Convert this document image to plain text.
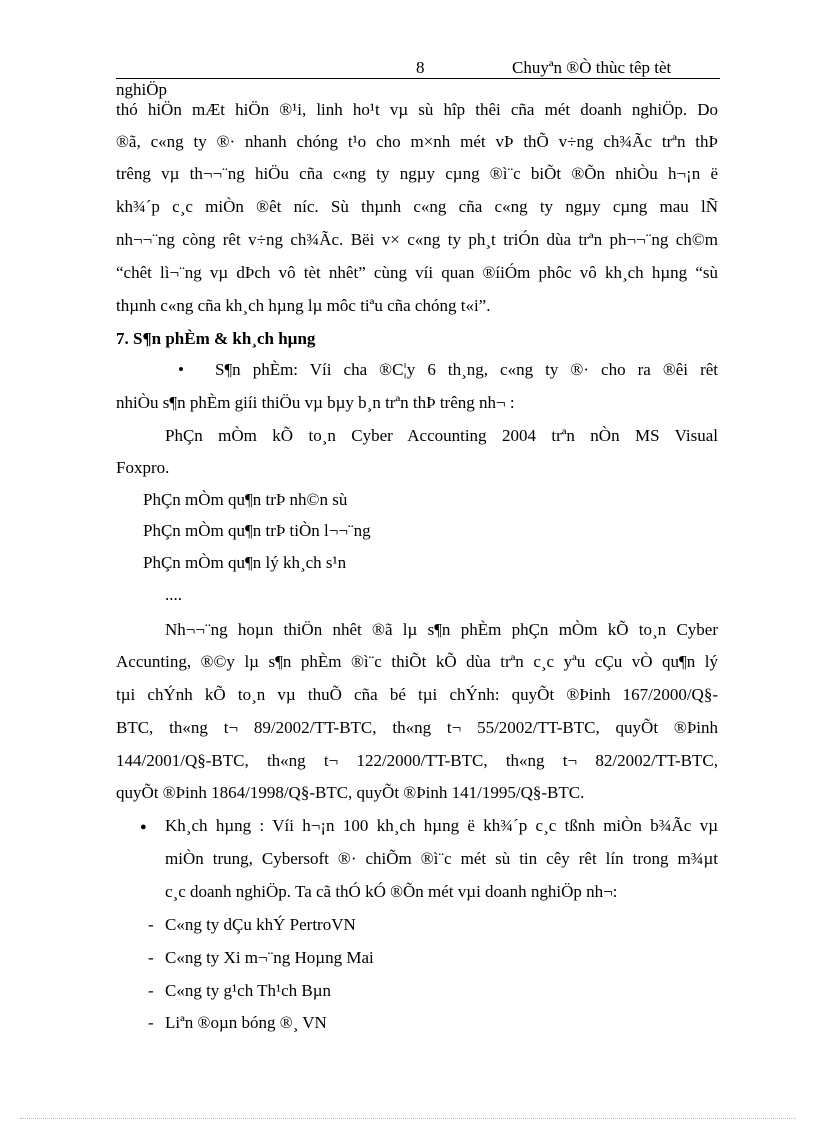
8	Chuyªn ®Ò thùc têp tèt
nghiÖp
thó hiÖn mÆt hiÖn ®¹i, linh ho¹t vµ sù hîp thêi cña mét doanh nghiÖp. Do
®ã, c«ng ty ®· nhanh chóng t¹o cho m×nh mét vÞ thÕ v÷ng ch¾Ãc trªn thÞ
trêng vµ th¬¬¨ng hiÖu cña c«ng ty ngµy cµng ®ì¨c biÕt ®Õn nhiÒu h¬¡n ë
kh¾´p c¸c miÒn ®êt níc. Sù thµnh c«ng cña c«ng ty ngµy cµng mau lÑ
nh¬¬¨ng còng rêt v÷ng ch¾Ãc. Bëi v× c«ng ty ph¸t triÓn dùa trªn ph¬¬¨ng ch©m
“chêt lì¬¨ng vµ dÞch vô tèt nhêt” cùng víi quan ®íiÓm phôc vô kh¸ch hµng “sù
thµnh c«ng cña kh¸ch hµng lµ môc tiªu cña chóng t«i”.
7. S¶n phÈm & kh¸ch hµng
• S¶n phÈm: Víi cha ®C¦y 6 th¸ng, c«ng ty ®· cho ra ®êi rêt
nhiÒu s¶n phÈm giíi thiÖu vµ bµy b¸n trªn thÞ trêng nh¬ :
PhÇn mÒm kÕ to¸n Cyber Accounting 2004 trªn nÒn MS Visual
Foxpro.
PhÇn mÒm qu¶n trÞ nh©n sù
PhÇn mÒm qu¶n trÞ tiÒn l¬¬¨ng
PhÇn mÒm qu¶n lý kh¸ch s¹n
....
Nh¬¬¨ng hoµn thiÖn nhêt ®ã lµ s¶n phÈm phÇn mÒm kÕ to¸n Cyber
Accunting, ®©y lµ s¶n phÈm ®ì¨c thiÕt kÕ dùa trªn c¸c yªu cÇu vÒ qu¶n lý
tµi chÝnh kÕ to¸n vµ thuÕ cña bé tµi chÝnh: quyÕt ®Þinh 167/2000/Q§-
BTC, th«ng t¬ 89/2002/TT-BTC, th«ng t¬ 55/2002/TT-BTC, quyÕt ®Þinh
144/2001/Q§-BTC, th«ng t¬ 122/2000/TT-BTC, th«ng t¬ 82/2002/TT-BTC,
quyÕt ®Þinh 1864/1998/Q§-BTC, quyÕt ®Þinh 141/1995/Q§-BTC.
● Kh¸ch hµng : Víi h¬¡n 100 kh¸ch hµng ë kh¾´p c¸c tßnh miÒn b¾Ãc vµ
miÒn trung, Cybersoft ®· chiÕm ®ì¨c mét sù tin cêy rêt lín trong m¾µt
c¸c doanh nghiÖp. Ta cã thÓ kÓ ®Õn mét vµi doanh nghiÖp nh¬:
- C«ng ty dÇu khÝ PertroVN
- C«ng ty Xi m¬¨ng Hoµng Mai
- C«ng ty g¹ch Th¹ch Bµn
- Liªn ®oµn bóng ®¸ VN
